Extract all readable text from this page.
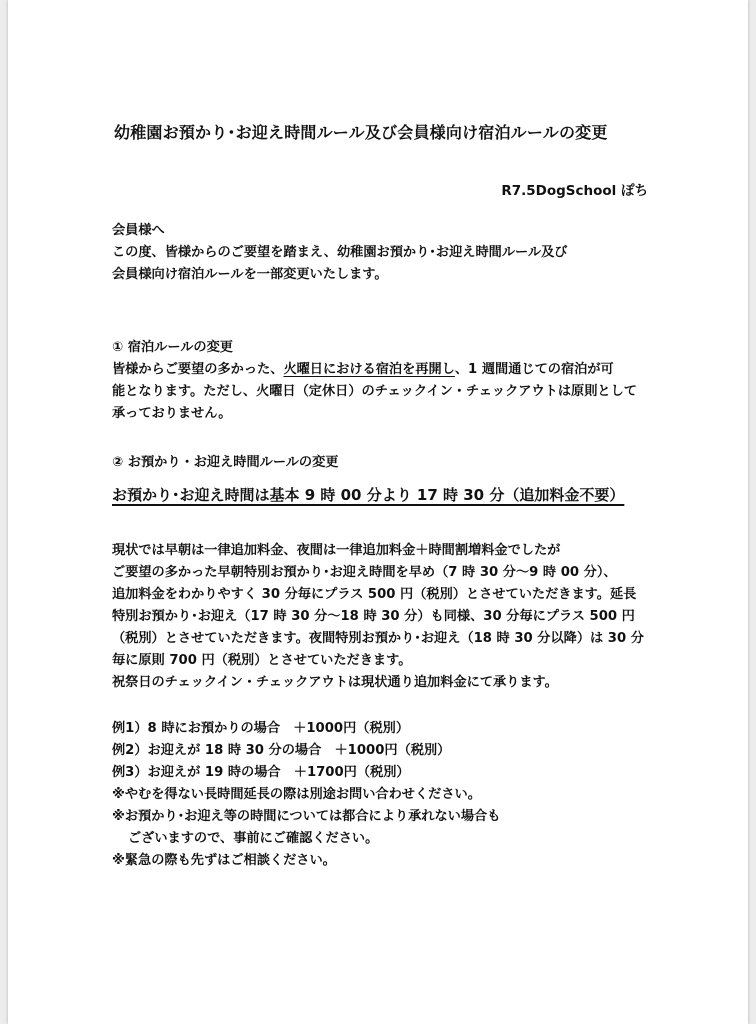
幼稚園お預かり･お迎え時間ルール及び会員様向け宿泊ルールの変更
R7.5DogSchool ぽち
会員様へ
この度、皆様からのご要望を踏まえ、幼稚園お預かり･お迎え時間ルール及び
会員様向け宿泊ルールを一部変更いたします。
① 宿泊ルールの変更
皆様からご要望の多かった、火曜日における宿泊を再開し、1 週間通じての宿泊が可
能となります。ただし、火曜日（定休日）のチェックイン・チェックアウトは原則として
承っておりません。
② お預かり・お迎え時間ルールの変更
お預かり･お迎え時間は基本 9 時 00 分より 17 時 30 分（追加料金不要）
現状では早朝は一律追加料金、夜間は一律追加料金＋時間割増料金でしたが
ご要望の多かった早朝特別お預かり･お迎え時間を早め（7 時 30 分～9 時 00 分）、
追加料金をわかりやすく 30 分毎にプラス 500 円（税別）とさせていただきます。延長
特別お預かり･お迎え（17 時 30 分～18 時 30 分）も同様、30 分毎にプラス 500 円
（税別）とさせていただきます。夜間特別お預かり･お迎え（18 時 30 分以降）は 30 分
毎に原則 700 円（税別）とさせていただきます。
祝祭日のチェックイン・チェックアウトは現状通り追加料金にて承ります。
例1）8 時にお預かりの場合　＋1000円（税別）
例2）お迎えが 18 時 30 分の場合　＋1000円（税別）
例3）お迎えが 19 時の場合　＋1700円（税別）
※やむを得ない長時間延長の際は別途お問い合わせください。
※お預かり･お迎え等の時間については都合により承れない場合も
ございますので、事前にご確認ください。
※緊急の際も先ずはご相談ください。
